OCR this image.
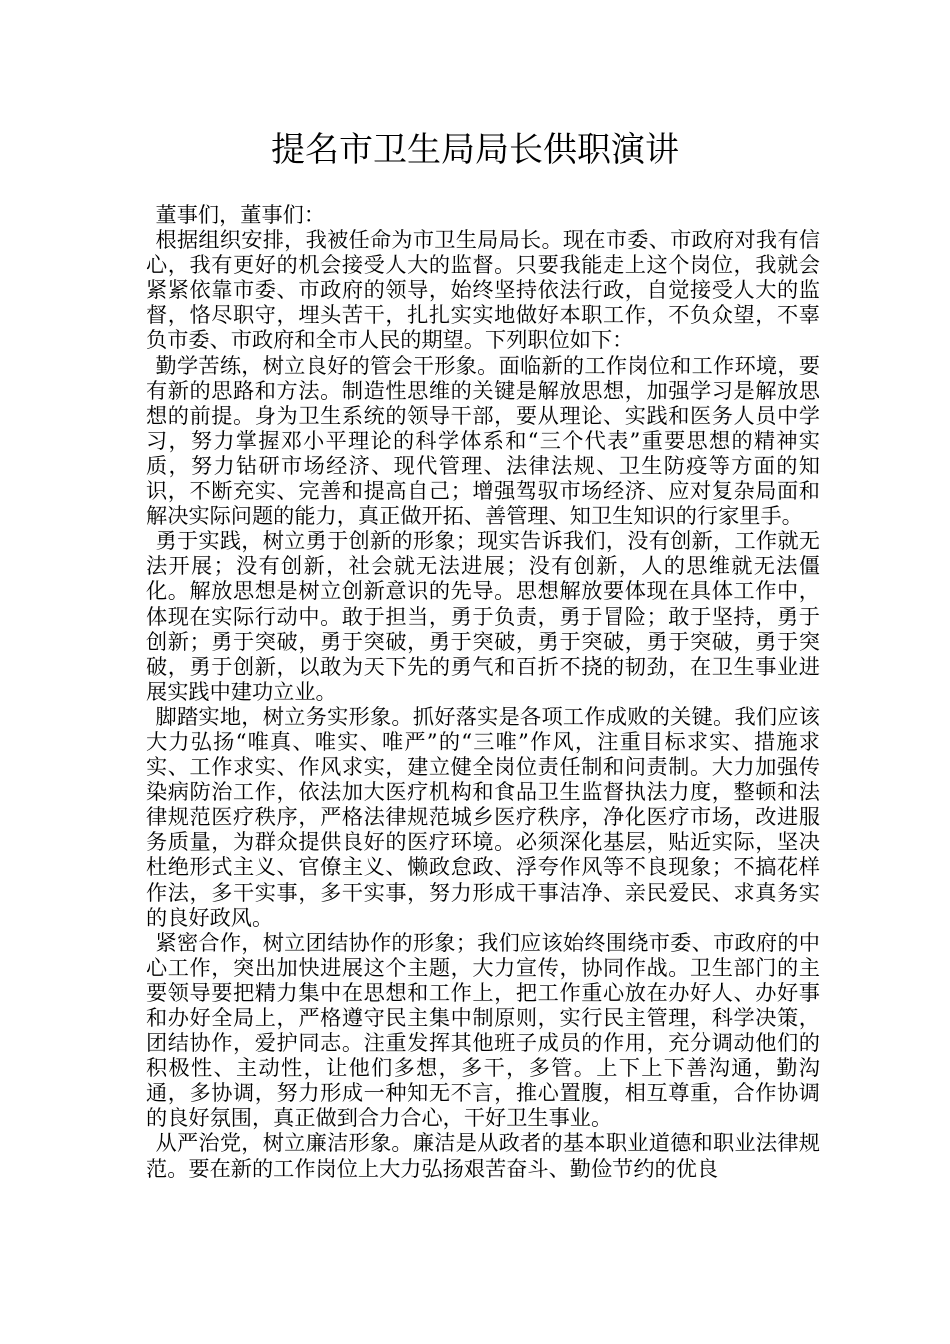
提名市卫生局局长供职演讲

董事们，董事们：

根据组织安排，我被任命为市卫生局局长。现在市委、市政府对我有信心，我有更好的机会接受人大的监督。只要我能走上这个岗位，我就会紧紧依靠市委、市政府的领导，始终坚持依法行政，自觉接受人大的监督，恪尽职守，埋头苦干，扎扎实实地做好本职工作，不负众望，不辜负市委、市政府和全市人民的期望。下列职位如下：

勤学苦练，树立良好的管会干形象。面临新的工作岗位和工作环境，要有新的思路和方法。制造性思维的关键是解放思想，加强学习是解放思想的前提。身为卫生系统的领导干部，要从理论、实践和医务人员中学习，努力掌握邓小平理论的科学体系和“三个代表”重要思想的精神实质，努力钻研市场经济、现代管理、法律法规、卫生防疫等方面的知识，不断充实、完善和提高自己；增强驾驭市场经济、应对复杂局面和解决实际问题的能力，真正做开拓、善管理、知卫生知识的行家里手。

勇于实践，树立勇于创新的形象；现实告诉我们，没有创新，工作就无法开展；没有创新，社会就无法进展；没有创新，人的思维就无法僵化。解放思想是树立创新意识的先导。思想解放要体现在具体工作中，体现在实际行动中。敢于担当，勇于负责，勇于冒险；敢于坚持，勇于创新；勇于突破，勇于突破，勇于突破，勇于突破，勇于突破，勇于突破，勇于创新，以敢为天下先的勇气和百折不挠的韧劲，在卫生事业进展实践中建功立业。

脚踏实地，树立务实形象。抓好落实是各项工作成败的关键。我们应该大力弘扬“唯真、唯实、唯严”的“三唯”作风，注重目标求实、措施求实、工作求实、作风求实，建立健全岗位责任制和问责制。大力加强传染病防治工作，依法加大医疗机构和食品卫生监督执法力度，整顿和法律规范医疗秩序，严格法律规范城乡医疗秩序，净化医疗市场，改进服务质量，为群众提供良好的医疗环境。必须深化基层，贴近实际，坚决杜绝形式主义、官僚主义、懒政怠政、浮夸作风等不良现象；不搞花样作法，多干实事，多干实事，努力形成干事洁净、亲民爱民、求真务实的良好政风。

紧密合作，树立团结协作的形象；我们应该始终围绕市委、市政府的中心工作，突出加快进展这个主题，大力宣传，协同作战。卫生部门的主要领导要把精力集中在思想和工作上，把工作重心放在办好人、办好事和办好全局上，严格遵守民主集中制原则，实行民主管理，科学决策，团结协作，爱护同志。注重发挥其他班子成员的作用，充分调动他们的积极性、主动性，让他们多想，多干，多管。上下上下善沟通，勤沟通，多协调，努力形成一种知无不言，推心置腹，相互尊重，合作协调的良好氛围，真正做到合力合心，干好卫生事业。

从严治党，树立廉洁形象。廉洁是从政者的基本职业道德和职业法律规范。要在新的工作岗位上大力弘扬艰苦奋斗、勤俭节约的优良
